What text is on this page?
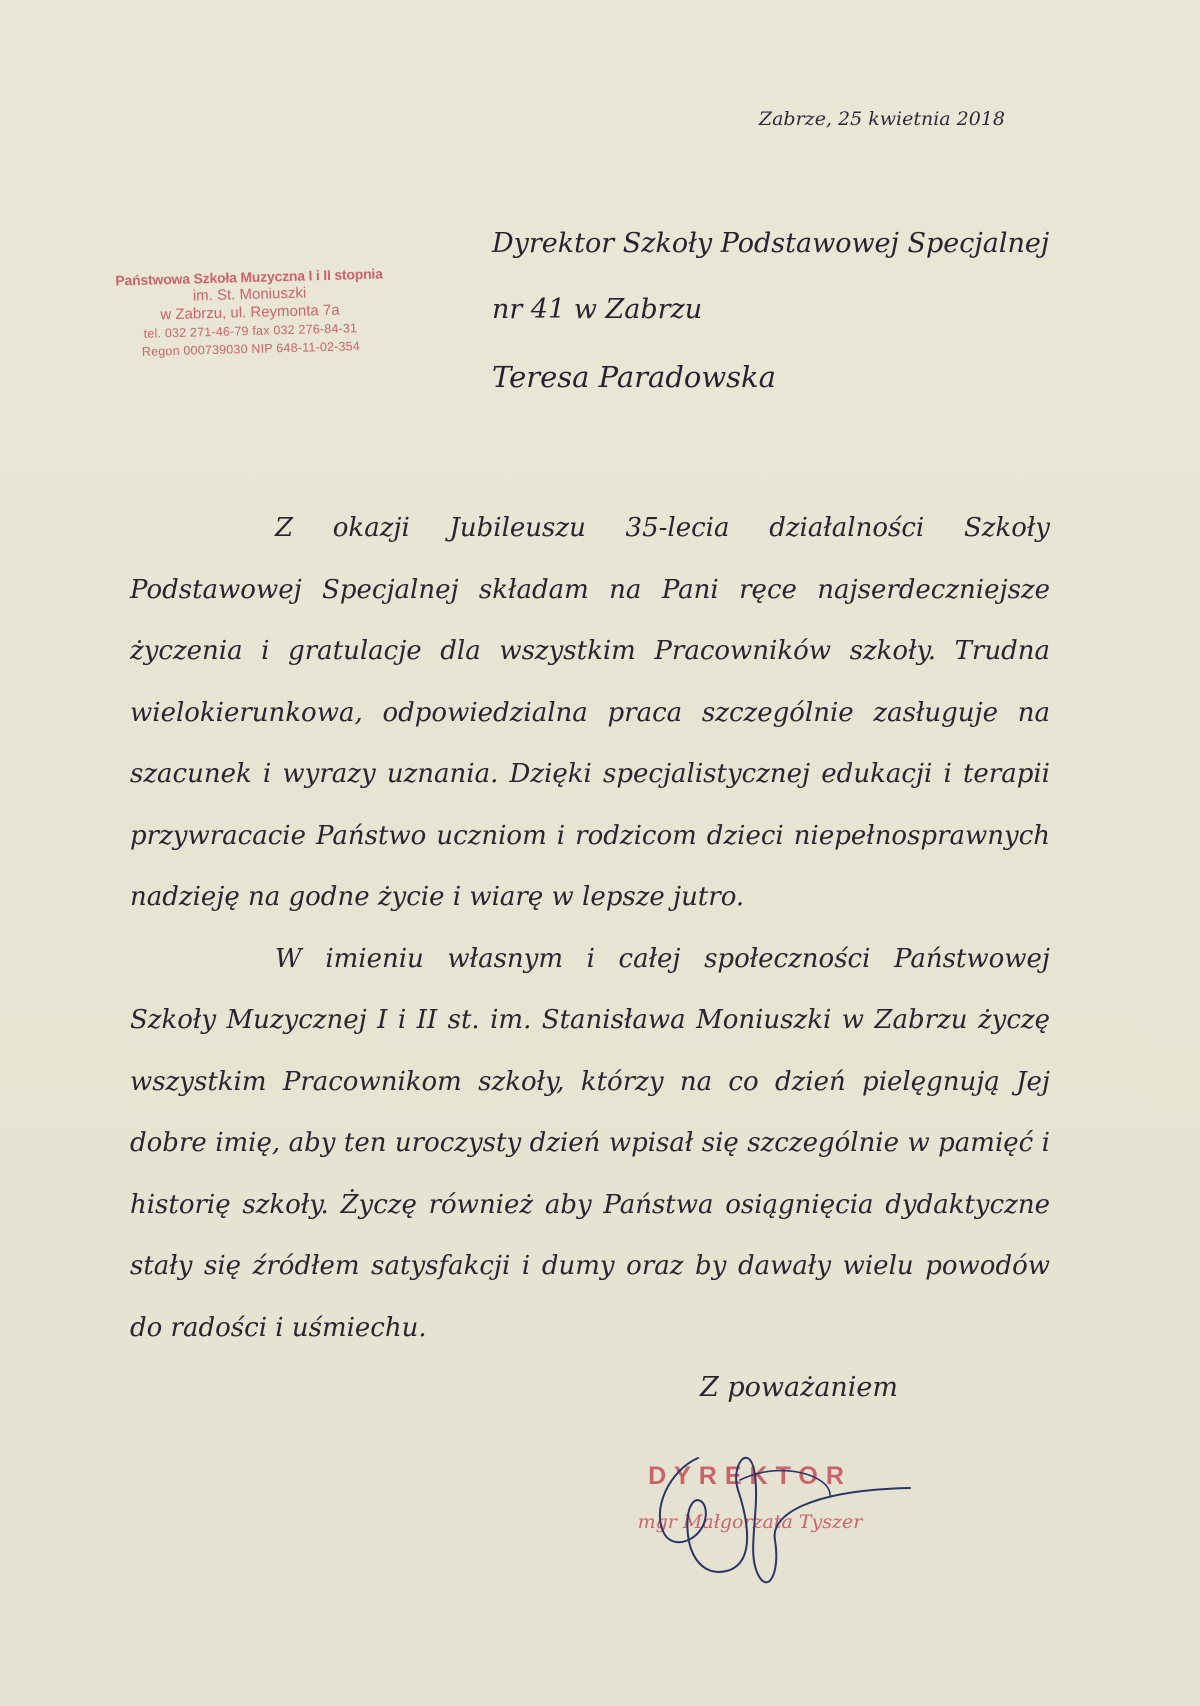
Zabrze, 25 kwietnia 2018
Państwowa Szkoła Muzyczna I i II stopnia
im. St. Moniuszki
w Zabrzu, ul. Reymonta 7a
tel. 032 271-46-79 fax 032 276-84-31
Regon 000739030 NIP 648-11-02-354
Dyrektor Szkoły Podstawowej Specjalnej
nr 41 w Zabrzu
Teresa Paradowska

Z okazji Jubileuszu 35-lecia działalności Szkoły Podstawowej Specjalnej składam na Pani ręce najserdeczniejsze życzenia i gratulacje dla wszystkim Pracowników szkoły. Trudna wielokierunkowa, odpowiedzialna praca szczególnie zasługuje na szacunek i wyrazy uznania. Dzięki specjalistycznej edukacji i terapii przywracacie Państwo uczniom i rodzicom dzieci niepełnosprawnych nadzieję na godne życie i wiarę w lepsze jutro.

W imieniu własnym i całej społeczności Państwowej Szkoły Muzycznej I i II st. im. Stanisława Moniuszki w Zabrzu życzę wszystkim Pracownikom szkoły, którzy na co dzień pielęgnują Jej dobre imię, aby ten uroczysty dzień wpisał się szczególnie w pamięć i historię szkoły. Życzę również aby Państwa osiągnięcia dydaktyczne stały się źródłem satysfakcji i dumy oraz by dawały wielu powodów do radości i uśmiechu.

Z poważaniem
DYREKTOR
mgr Małgorzata Tyszer
